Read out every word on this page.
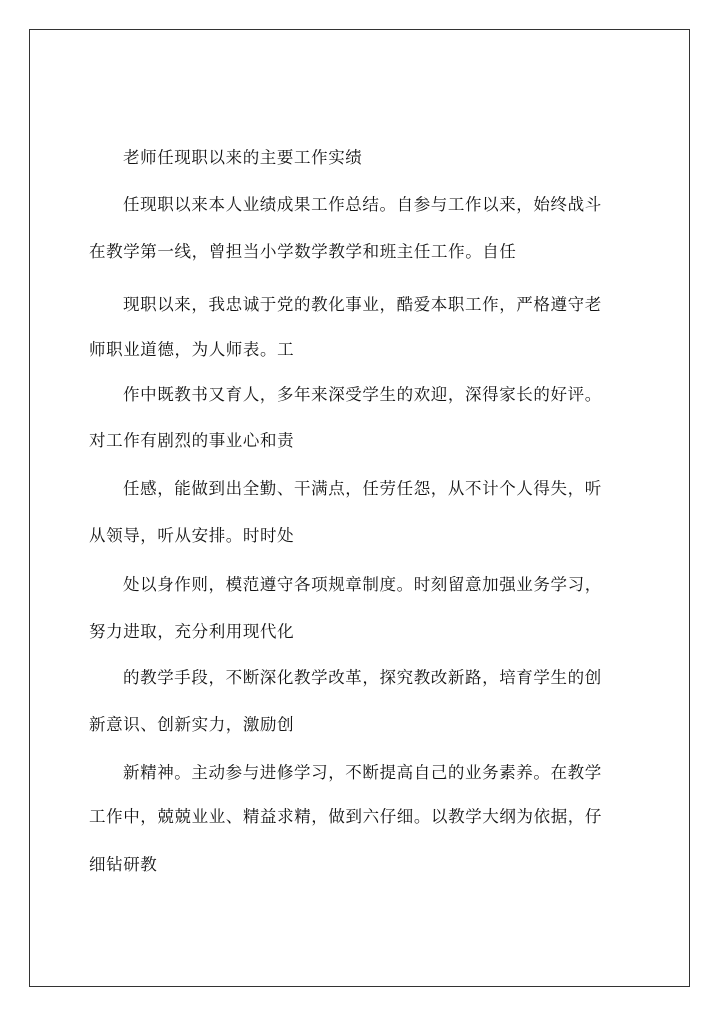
老师任现职以来的主要工作实绩
任现职以来本人业绩成果工作总结。自参与工作以来，始终战斗
在教学第一线，曾担当小学数学教学和班主任工作。自任
现职以来，我忠诚于党的教化事业，酷爱本职工作，严格遵守老
师职业道德，为人师表。工
作中既教书又育人，多年来深受学生的欢迎，深得家长的好评。
对工作有剧烈的事业心和责
任感，能做到出全勤、干满点，任劳任怨，从不计个人得失，听
从领导，听从安排。时时处
处以身作则，模范遵守各项规章制度。时刻留意加强业务学习，
努力进取，充分利用现代化
的教学手段，不断深化教学改革，探究教改新路，培育学生的创
新意识、创新实力，激励创
新精神。主动参与进修学习，不断提高自己的业务素养。在教学
工作中，兢兢业业、精益求精，做到六仔细。以教学大纲为依据，仔
细钻研教
